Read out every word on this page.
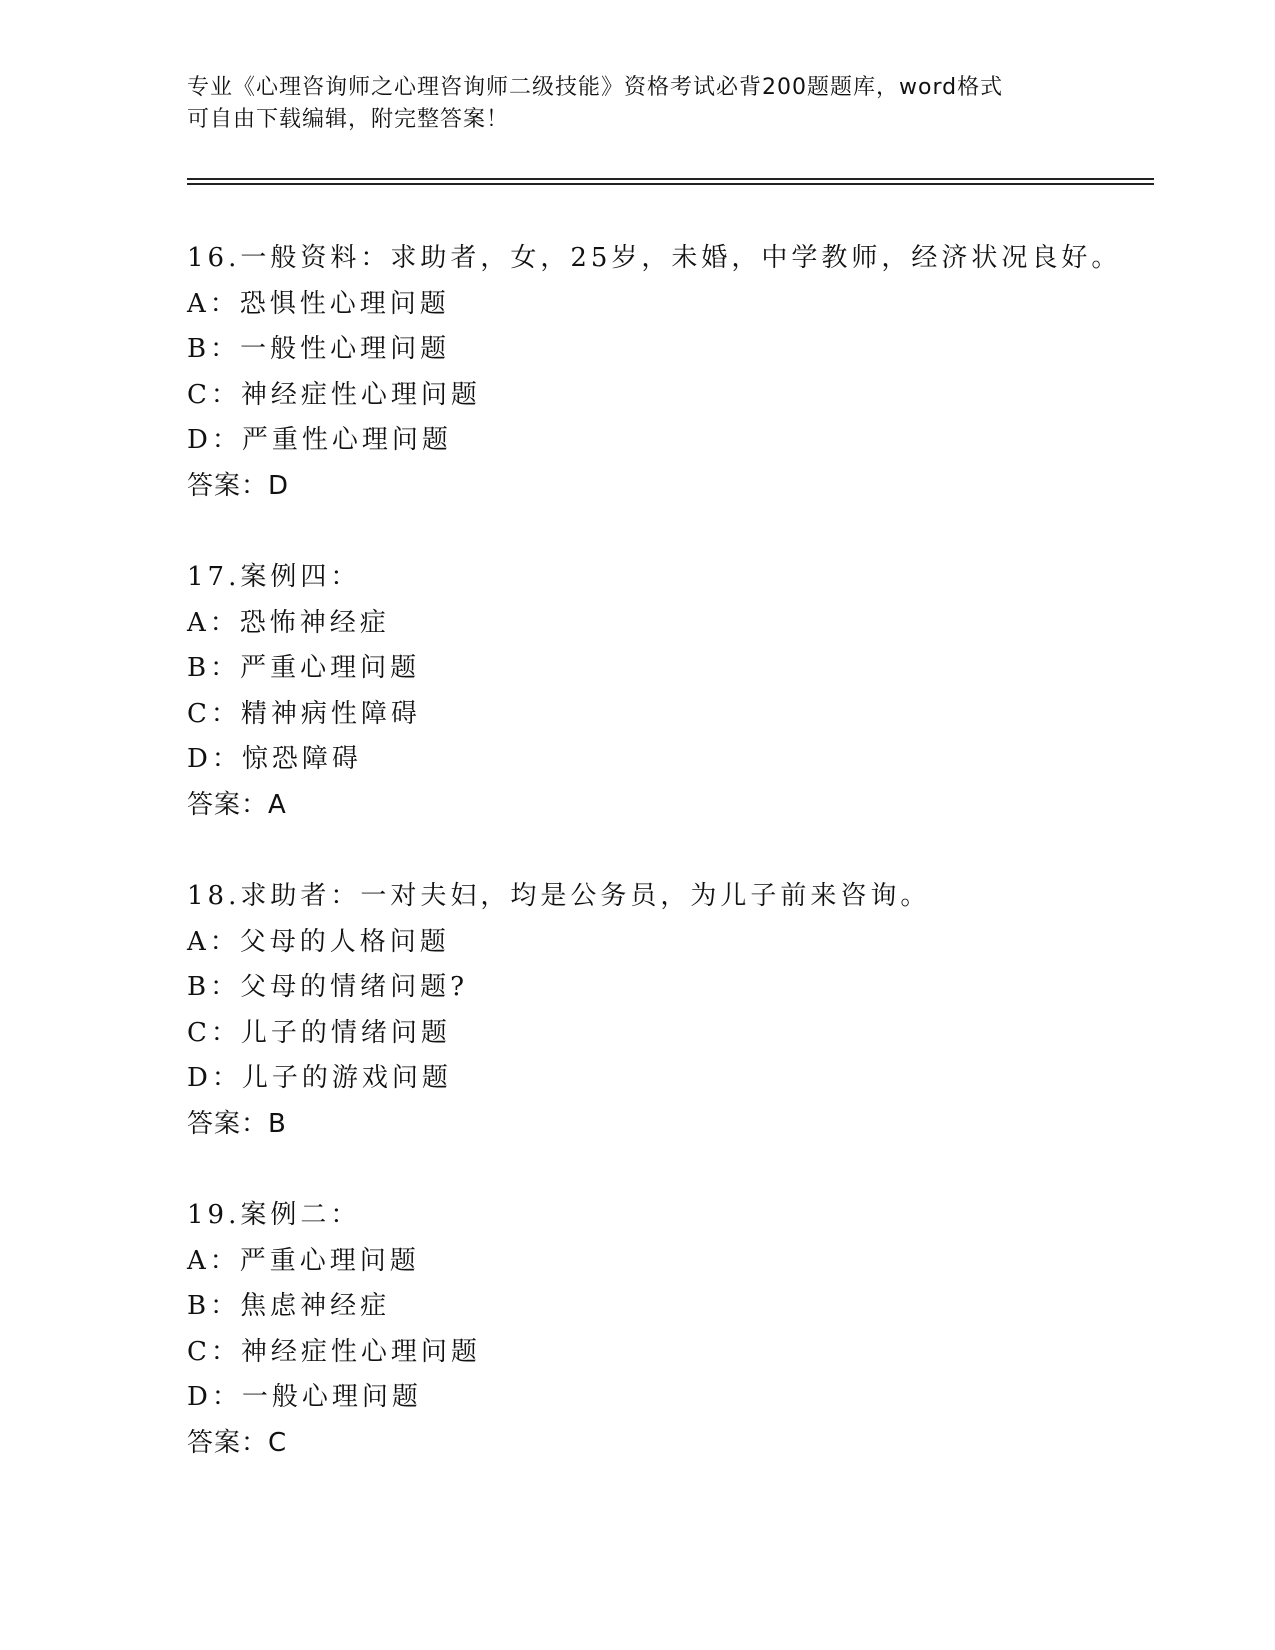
专业《心理咨询师之心理咨询师二级技能》资格考试必背200题题库，word格式
可自由下载编辑，附完整答案！
16.一般资料：求助者，女，25岁，未婚，中学教师，经济状况良好。
A：恐惧性心理问题
B：一般性心理问题
C：神经症性心理问题
D：严重性心理问题
答案：D
17.案例四：
A：恐怖神经症
B：严重心理问题
C：精神病性障碍
D：惊恐障碍
答案：A
18.求助者：一对夫妇，均是公务员，为儿子前来咨询。
A：父母的人格问题
B：父母的情绪问题?
C：儿子的情绪问题
D：儿子的游戏问题
答案：B
19.案例二：
A：严重心理问题
B：焦虑神经症
C：神经症性心理问题
D：一般心理问题
答案：C
